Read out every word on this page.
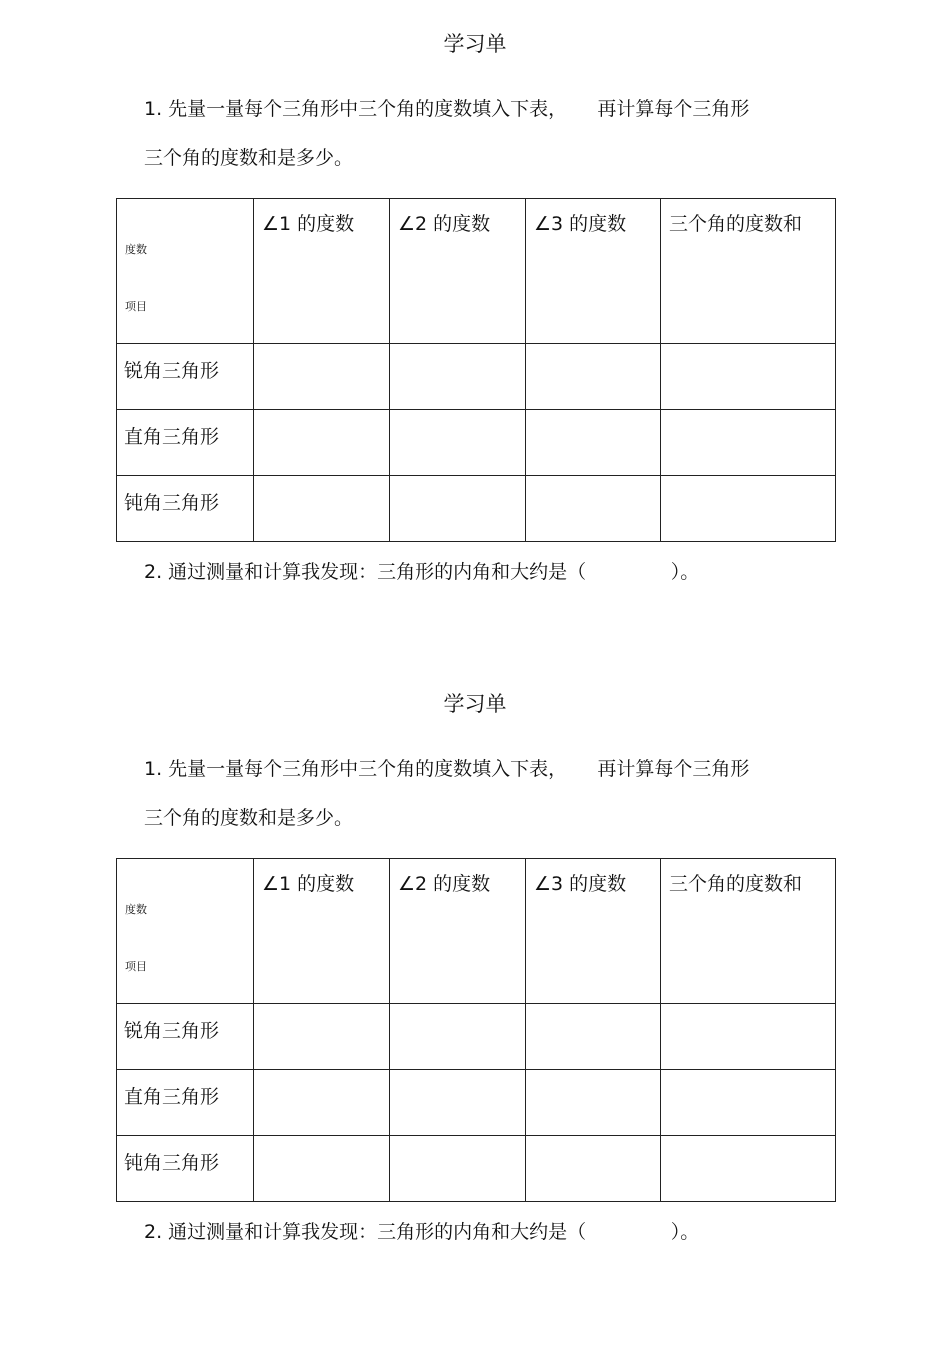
学习单
1. 先量一量每个三角形中三个角的度数填入下表，     再计算每个三角形
三个角的度数和是多少。
度数
项目	∠1 的度数	∠2 的度数	∠3 的度数	三个角的度数和

锐角三角形				

直角三角形				

钝角三角形				

2. 通过测量和计算我发现：三角形的内角和大约是（              ）。
学习单
1. 先量一量每个三角形中三个角的度数填入下表，     再计算每个三角形
三个角的度数和是多少。
度数
项目	∠1 的度数	∠2 的度数	∠3 的度数	三个角的度数和

锐角三角形				

直角三角形				

钝角三角形				

2. 通过测量和计算我发现：三角形的内角和大约是（              ）。
